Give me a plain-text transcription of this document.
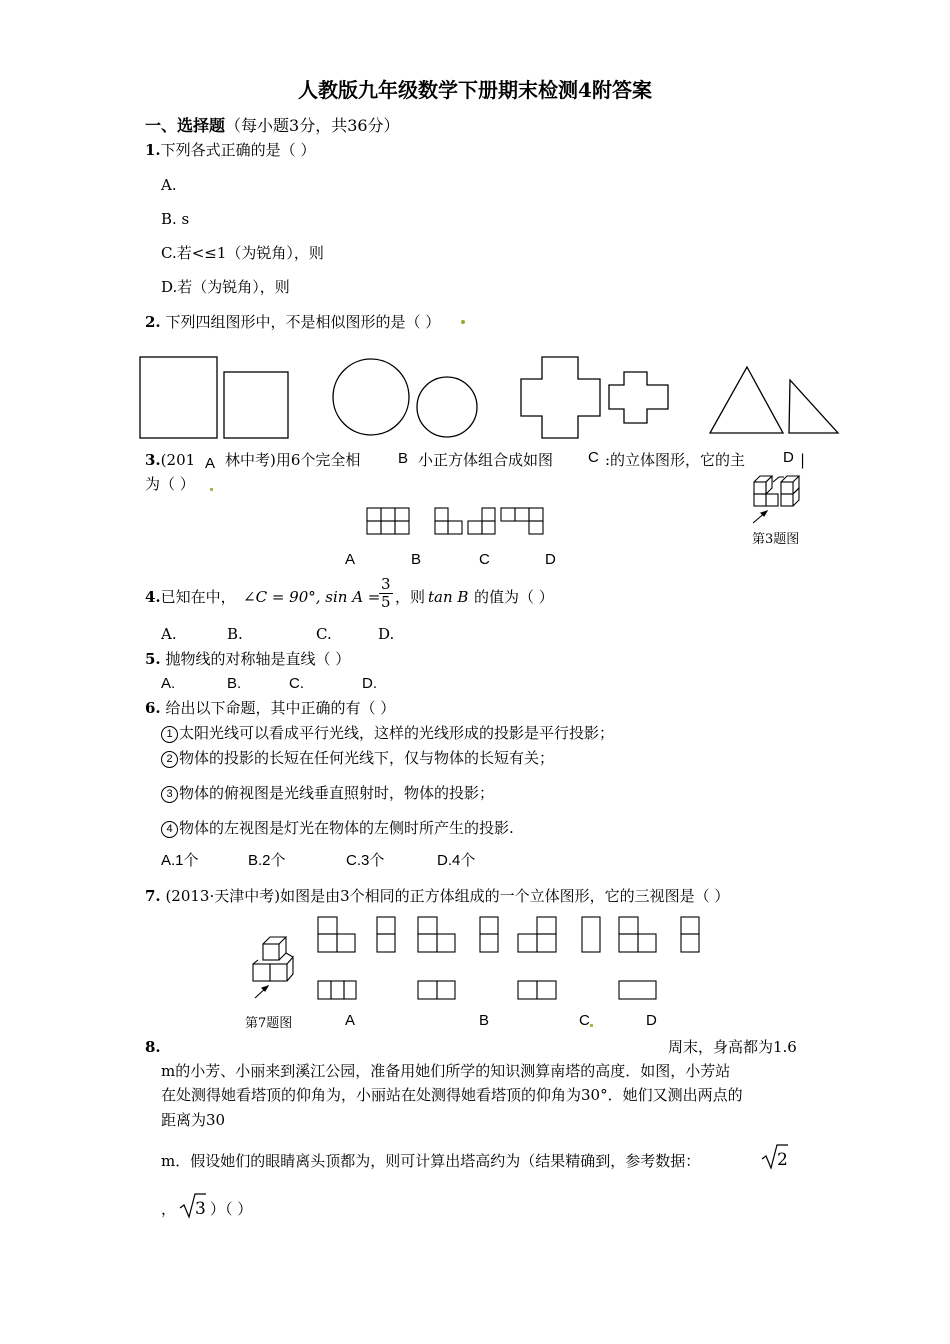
人教版九年级数学下册期末检测4附答案
一、选择题（每小题3分，共36分）
1.下列各式正确的是（ ）
A.
B. s
C.若<≤1（为锐角），则
D.若（为锐角），则
2. 下列四组图形中，不是相似图形的是（ ）
3.(201 林中考)用6个完全相	小正方体组合成如图	:的立体图形，它的主	|
A	B	C	D
为（ ）
A	B	C	D
第3题图
4.已知在中， ∠C = 90°, sin A =
$\frac{3}{5}$ ，则 tan B 的值为（ ）
A.	B.	C.	D.
5. 抛物线的对称轴是直线（ ）
A.	B.	C.	D.
6. 给出以下命题，其中正确的有（ ）
1 太阳光线可以看成平行光线，这样的光线形成的投影是平行投影；
2 物体的投影的长短在任何光线下，仅与物体的长短有关；
3 物体的俯视图是光线垂直照射时，物体的投影；
4 物体的左视图是灯光在物体的左侧时所产生的投影.
A.1个	B.2个	C.3个	D.4个
7. (2013·天津中考)如图是由3个相同的正方体组成的一个立体图形，它的三视图是（ ）
第7题图	A	B	C	D
8.	周末，身高都为1.6
m的小芳、小丽来到溪江公园，准备用她们所学的知识测算南塔的高度．如图，小芳站
在处测得她看塔顶的仰角为，小丽站在处测得她看塔顶的仰角为30°．她们又测出两点的
距离为30
m．假设她们的眼睛离头顶都为，则可计算出塔高约为（结果精确到，参考数据：	2
， 3 ）（ ）
